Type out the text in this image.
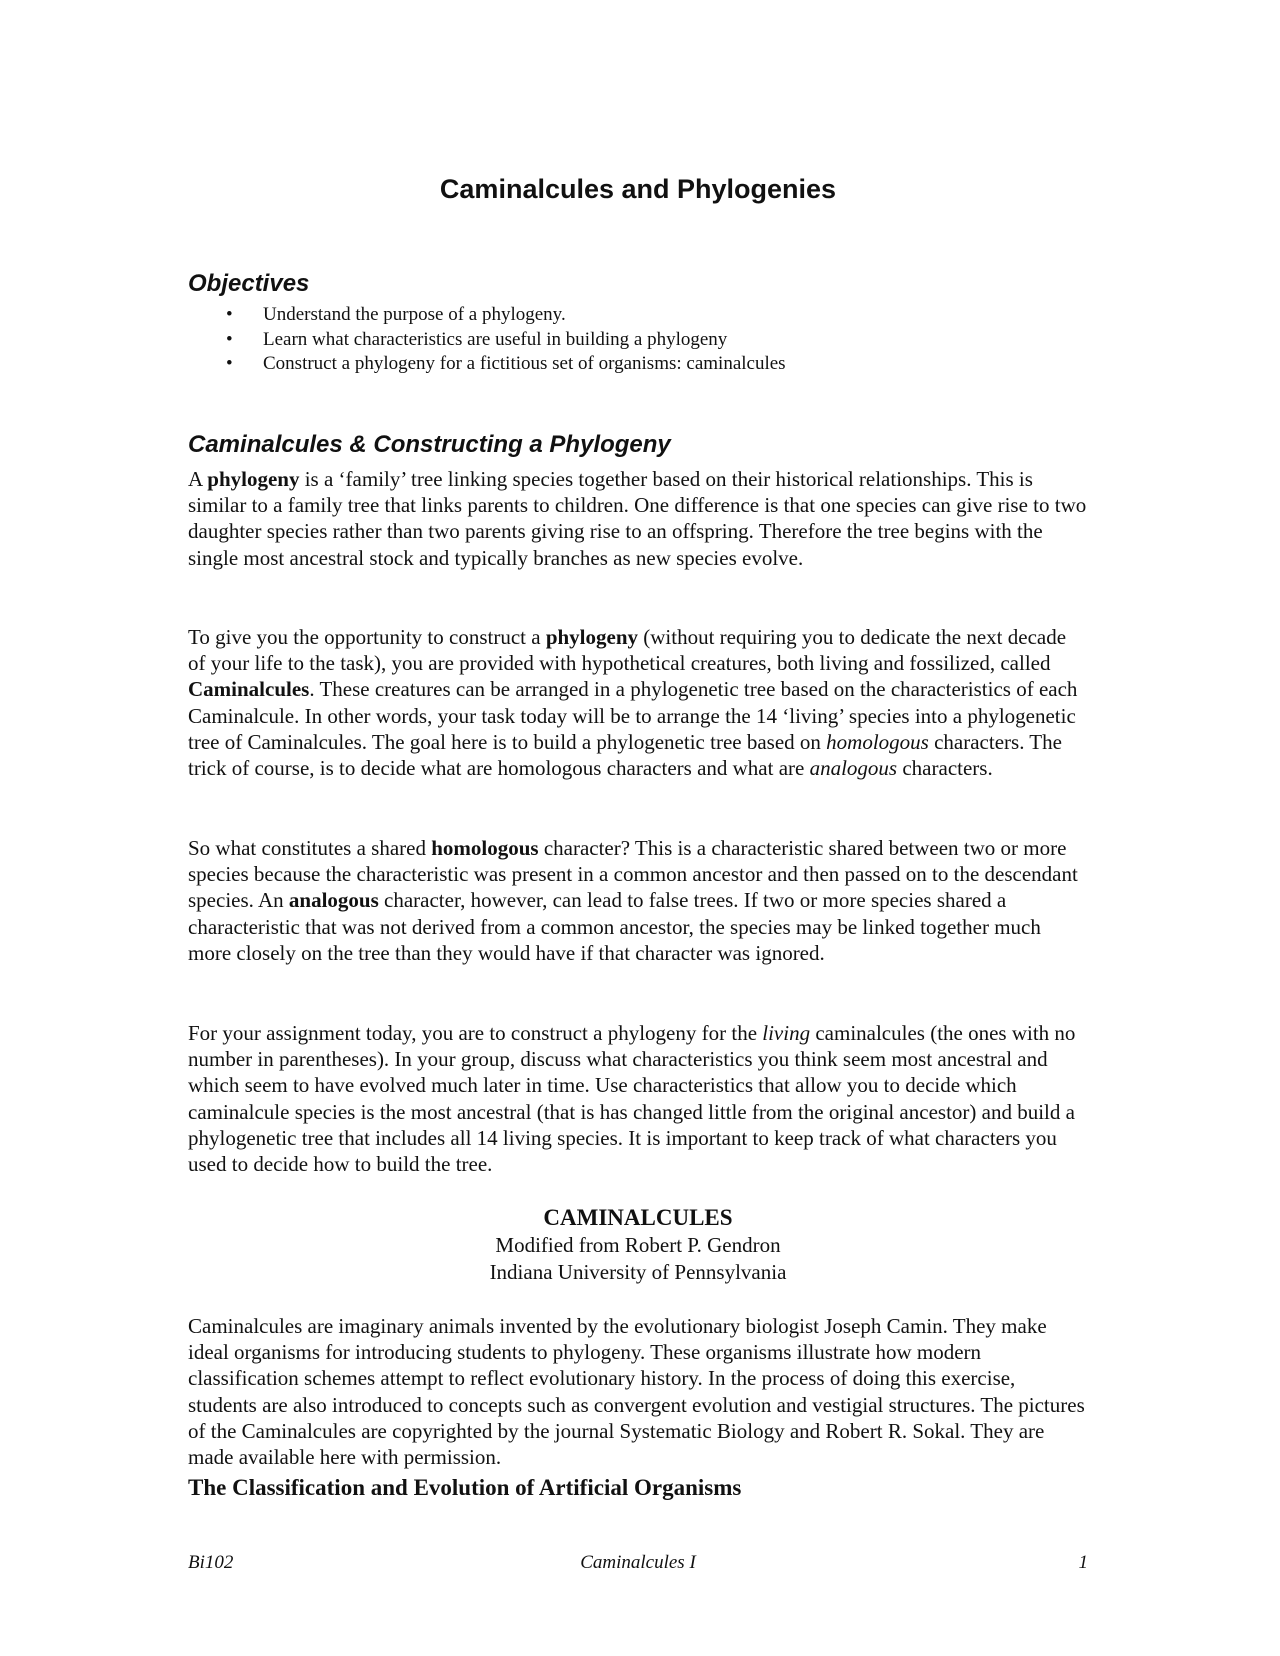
Caminalcules and Phylogenies
Objectives
• Understand the purpose of a phylogeny.
• Learn what characteristics are useful in building a phylogeny
• Construct a phylogeny for a fictitious set of organisms: caminalcules
Caminalcules & Constructing a Phylogeny

A phylogeny is a ‘family’ tree linking species together based on their historical relationships. This is similar to a family tree that links parents to children. One difference is that one species can give rise to two daughter species rather than two parents giving rise to an offspring. Therefore the tree begins with the single most ancestral stock and typically branches as new species evolve.

To give you the opportunity to construct a phylogeny (without requiring you to dedicate the next decade of your life to the task), you are provided with hypothetical creatures, both living and fossilized, called Caminalcules. These creatures can be arranged in a phylogenetic tree based on the characteristics of each Caminalcule. In other words, your task today will be to arrange the 14 ‘living’ species into a phylogenetic tree of Caminalcules. The goal here is to build a phylogenetic tree based on homologous characters. The trick of course, is to decide what are homologous characters and what are analogous characters.

So what constitutes a shared homologous character? This is a characteristic shared between two or more species because the characteristic was present in a common ancestor and then passed on to the descendant species. An analogous character, however, can lead to false trees. If two or more species shared a characteristic that was not derived from a common ancestor, the species may be linked together much more closely on the tree than they would have if that character was ignored.

For your assignment today, you are to construct a phylogeny for the living caminalcules (the ones with no number in parentheses). In your group, discuss what characteristics you think seem most ancestral and which seem to have evolved much later in time. Use characteristics that allow you to decide which caminalcule species is the most ancestral (that is has changed little from the original ancestor) and build a phylogenetic tree that includes all 14 living species. It is important to keep track of what characters you used to decide how to build the tree.

CAMINALCULES
Modified from Robert P. Gendron
Indiana University of Pennsylvania

Caminalcules are imaginary animals invented by the evolutionary biologist Joseph Camin. They make ideal organisms for introducing students to phylogeny. These organisms illustrate how modern classification schemes attempt to reflect evolutionary history. In the process of doing this exercise, students are also introduced to concepts such as convergent evolution and vestigial structures. The pictures of the Caminalcules are copyrighted by the journal Systematic Biology and Robert R. Sokal. They are made available here with permission.

The Classification and Evolution of Artificial Organisms
Bi102	Caminalcules I	1
